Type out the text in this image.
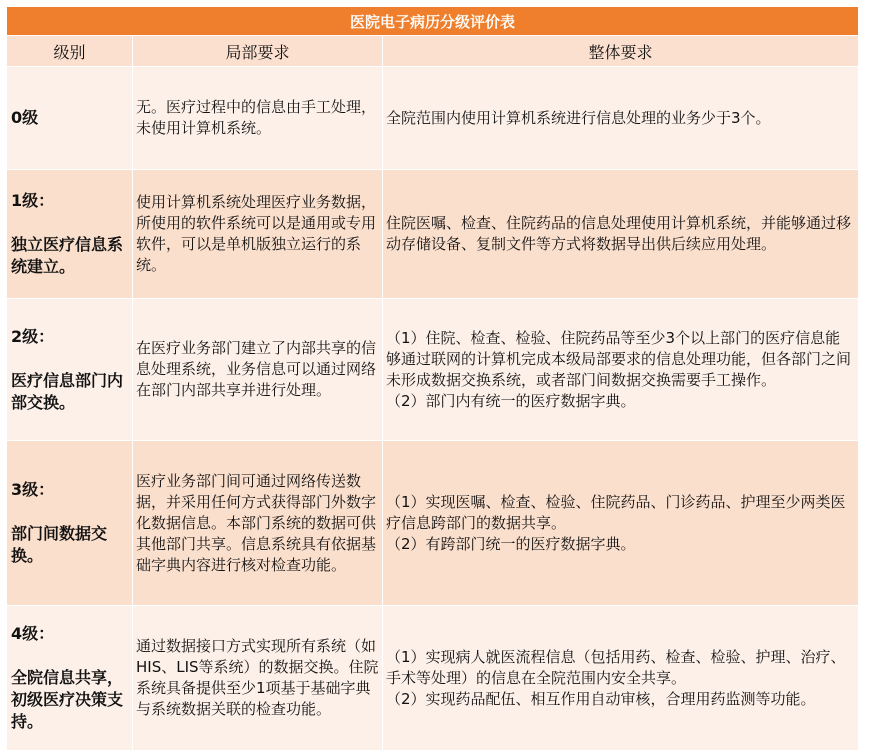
医院电子病历分级评价表		
级别	局部要求	整体要求

0级	无。医疗过程中的信息由手工处理，未使用计算机系统。	全院范围内使用计算机系统进行信息处理的业务少于3个。

1级：
独立医疗信息系统建立。	使用计算机系统处理医疗业务数据，所使用的软件系统可以是通用或专用软件，可以是单机版独立运行的系统。	住院医嘱、检查、住院药品的信息处理使用计算机系统，并能够通过移动存储设备、复制文件等方式将数据导出供后续应用处理。

2级：
医疗信息部门内部交换。	在医疗业务部门建立了内部共享的信息处理系统，业务信息可以通过网络在部门内部共享并进行处理。	（1）住院、检查、检验、住院药品等至少3个以上部门的医疗信息能够通过联网的计算机完成本级局部要求的信息处理功能，但各部门之间未形成数据交换系统，或者部门间数据交换需要手工操作。
（2）部门内有统一的医疗数据字典。

3级：
部门间数据交换。	医疗业务部门间可通过网络传送数据，并采用任何方式获得部门外数字化数据信息。本部门系统的数据可供其他部门共享。信息系统具有依据基础字典内容进行核对检查功能。	（1）实现医嘱、检查、检验、住院药品、门诊药品、护理至少两类医疗信息跨部门的数据共享。
（2）有跨部门统一的医疗数据字典。

4级：
全院信息共享，初级医疗决策支持。	通过数据接口方式实现所有系统（如HIS、LIS等系统）的数据交换。住院系统具备提供至少1项基于基础字典与系统数据关联的检查功能。	（1）实现病人就医流程信息（包括用药、检查、检验、护理、治疗、手术等处理）的信息在全院范围内安全共享。
（2）实现药品配伍、相互作用自动审核，合理用药监测等功能。
